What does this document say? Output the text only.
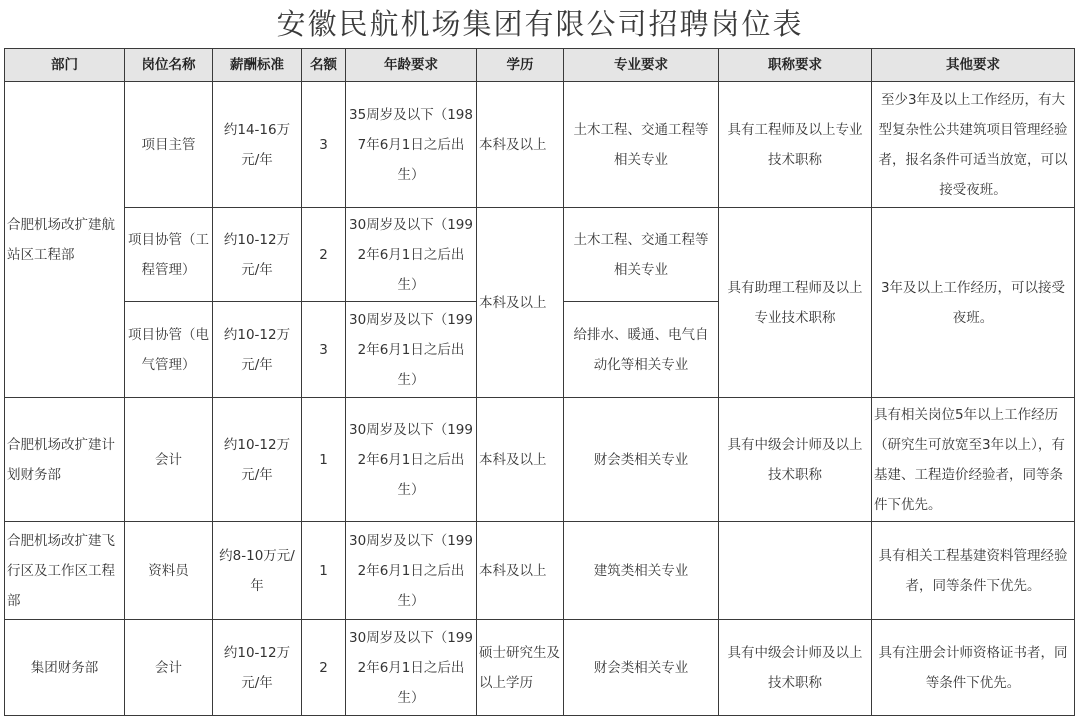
安徽民航机场集团有限公司招聘岗位表
部门	岗位名称	薪酬标准	名额	年龄要求	学历	专业要求	职称要求	其他要求
合肥机场改扩建航站区工程部	项目主管	约14-16万元/年	3	35周岁及以下（1987年6月1日之后出生）	本科及以上	土木工程、交通工程等相关专业	具有工程师及以上专业技术职称	至少3年及以上工作经历，有大型复杂性公共建筑项目管理经验者，报名条件可适当放宽，可以接受夜班。
	项目协管（工程管理）	约10-12万元/年	2	30周岁及以下（1992年6月1日之后出生）	本科及以上	土木工程、交通工程等相关专业	具有助理工程师及以上专业技术职称	3年及以上工作经历，可以接受夜班。
	项目协管（电气管理）	约10-12万元/年	3	30周岁及以下（1992年6月1日之后出生）		给排水、暖通、电气自动化等相关专业		
合肥机场改扩建计划财务部	会计	约10-12万元/年	1	30周岁及以下（1992年6月1日之后出生）	本科及以上	财会类相关专业	具有中级会计师及以上技术职称	具有相关岗位5年以上工作经历（研究生可放宽至3年以上），有基建、工程造价经验者，同等条件下优先。
合肥机场改扩建飞行区及工作区工程部	资料员	约8-10万元/年	1	30周岁及以下（1992年6月1日之后出生）	本科及以上	建筑类相关专业		具有相关工程基建资料管理经验者，同等条件下优先。
集团财务部	会计	约10-12万元/年	2	30周岁及以下（1992年6月1日之后出生）	硕士研究生及以上学历	财会类相关专业	具有中级会计师及以上技术职称	具有注册会计师资格证书者，同等条件下优先。
